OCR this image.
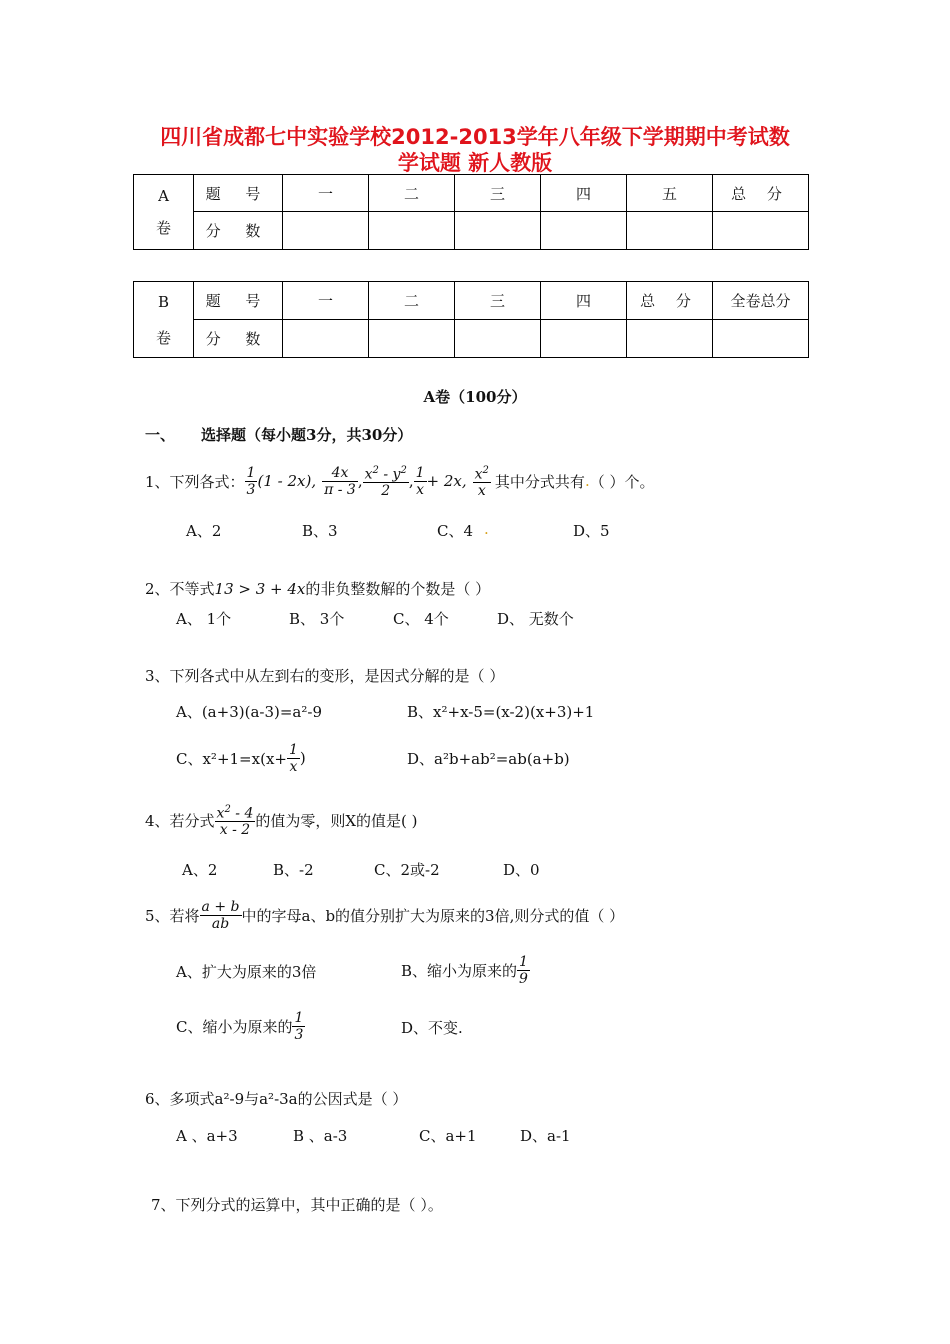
四川省成都七中实验学校2012-2013学年八年级下学期期中考试数
学试题 新人教版
A
卷	题 号	一	二	三	四	五	总 分
	分 数						
B
卷	题 号	一	二	三	四	总 分	全卷总分
	分 数						
A卷（100分）
一、 选择题（每小题3分，共30分）
1、下列各式： $\frac{1}{3} (1 - 2x)$, $\frac{4x}{\pi - 3}$ , $\frac{x^2 - y^2}{2}$ , $\frac{1}{x} + 2x$, $\frac{x^2}{x}$ 其中分式共有 . （ ）个。
A、2	B、3	C、4 .	D、5
2、不等式13 > 3 + 4x的非负整数解的个数是（ ）
A、 1个	B、 3个	C、 4个	D、 无数个
3、下列各式中从左到右的变形，是因式分解的是（ ）
A、(a+3)(a-3)=a²-9	B、x²+x-5=(x-2)(x+3)+1
C、$x^2+1=x(x+ \frac{1}{x}$ )	D、a²b+ab²=ab(a+b)
4、若分式 $\frac{x^2 - 4}{x - 2}$ 的值为零，则X的值是( )
A、2	B、-2	C、2或-2	D、0
5、若将 $\frac{a + b}{ab}$ 中的字母a、b的值分别扩大为原来的3倍,则分式的值（ ）
A、扩大为原来的3倍	B、缩小为原来的 $\frac{1}{9}$
C、缩小为原来的 $\frac{1}{3}$	D、不变.
6、多项式a²-9与a²-3a的公因式是（ ）
A 、a+3	B 、a-3	C、a+1	D、a-1
7、下列分式的运算中，其中正确的是（ ）。
